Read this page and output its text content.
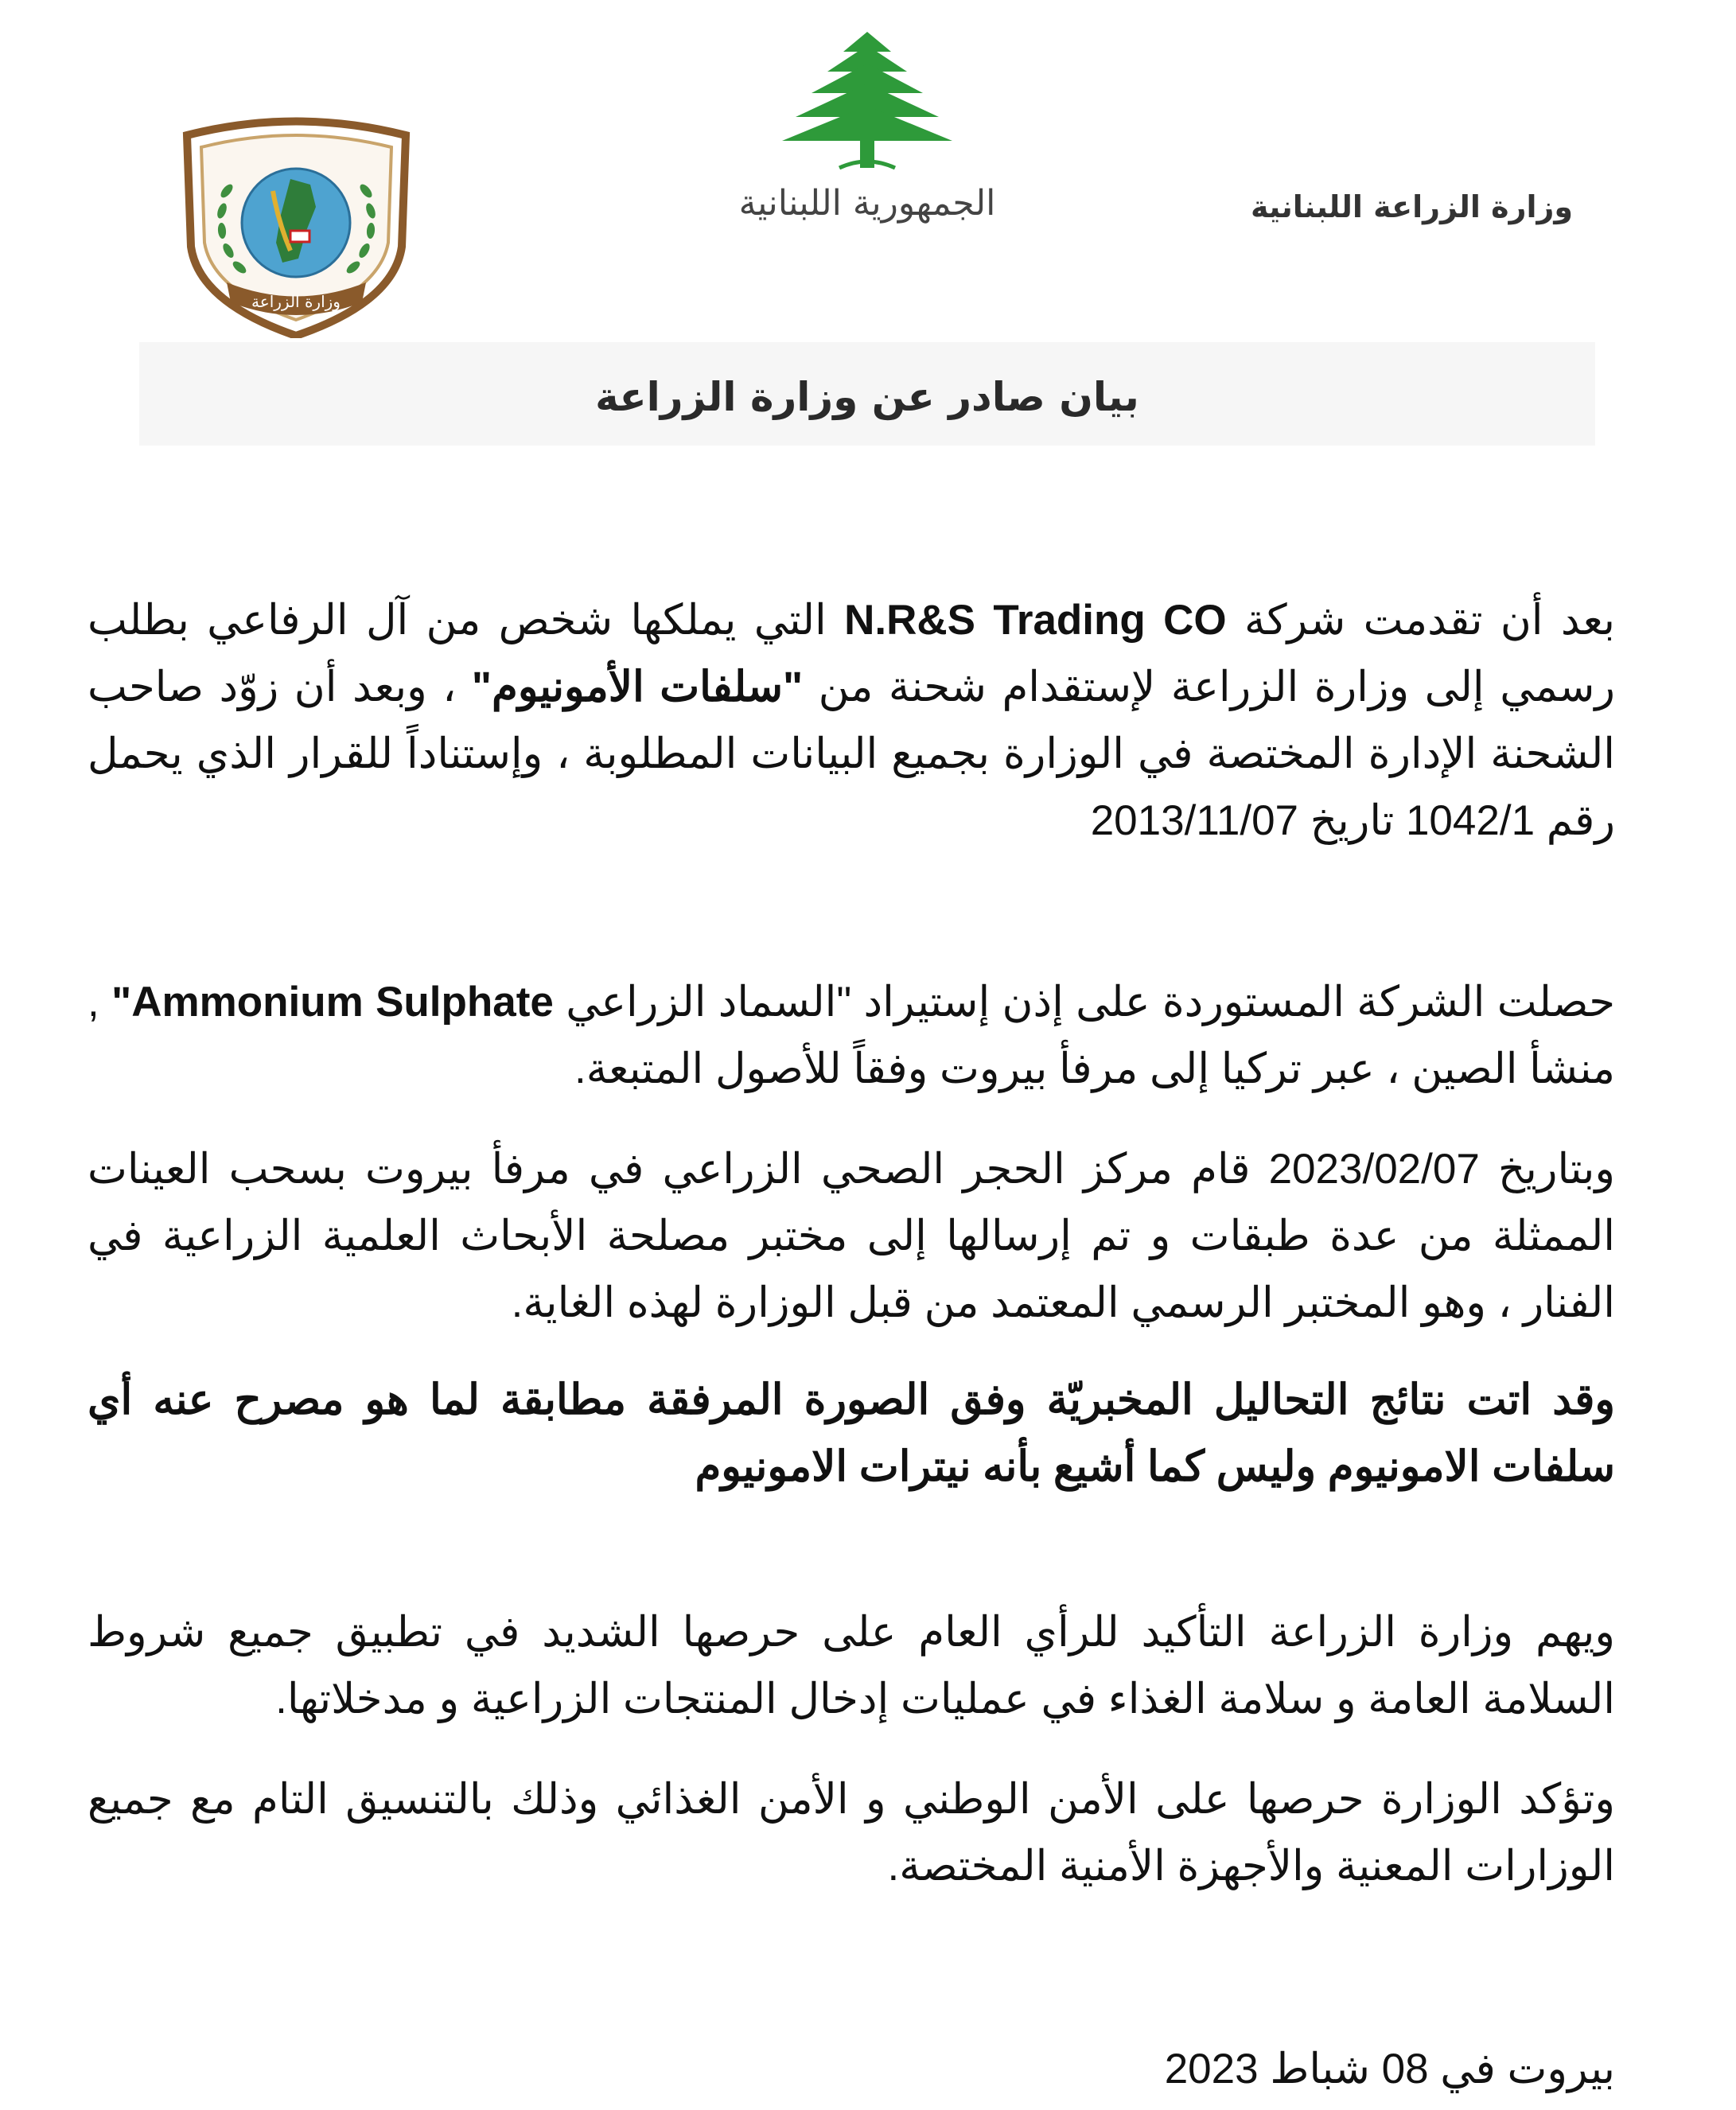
وزارة الزراعة
الجمهورية اللبنانية	وزارة الزراعة اللبنانية
بيان صادر عن وزارة الزراعة

بعد أن تقدمت شركة N.R&S Trading CO التي يملكها شخص من آل الرفاعي بطلب رسمي إلى وزارة الزراعة لإستقدام شحنة من "سلفات الأمونيوم" ، وبعد أن زوّد صاحب الشحنة الإدارة المختصة في الوزارة بجميع البيانات المطلوبة ، وإستناداً للقرار الذي يحمل رقم 1042/1 تاريخ 2013/11/07

حصلت الشركة المستوردة على إذن إستيراد "السماد الزراعي Ammonium Sulphate" , منشأ الصين ، عبر تركيا إلى مرفأ بيروت وفقاً للأصول المتبعة.

وبتاريخ 2023/02/07 قام مركز الحجر الصحي الزراعي في مرفأ بيروت بسحب العينات الممثلة من عدة طبقات و تم إرسالها إلى مختبر مصلحة الأبحاث العلمية الزراعية في الفنار ، وهو المختبر الرسمي المعتمد من قبل الوزارة لهذه الغاية.

وقد اتت نتائج التحاليل المخبريّة وفق الصورة المرفقة مطابقة لما هو مصرح عنه أي سلفات الامونيوم وليس كما أشيع بأنه نيترات الامونيوم

ويهم وزارة الزراعة التأكيد للرأي العام على حرصها الشديد في تطبيق جميع شروط السلامة العامة و سلامة الغذاء في عمليات إدخال المنتجات الزراعية و مدخلاتها.

وتؤكد الوزارة حرصها على الأمن الوطني و الأمن الغذائي وذلك بالتنسيق التام مع جميع الوزارات المعنية والأجهزة الأمنية المختصة.

بيروت في 08 شباط 2023
